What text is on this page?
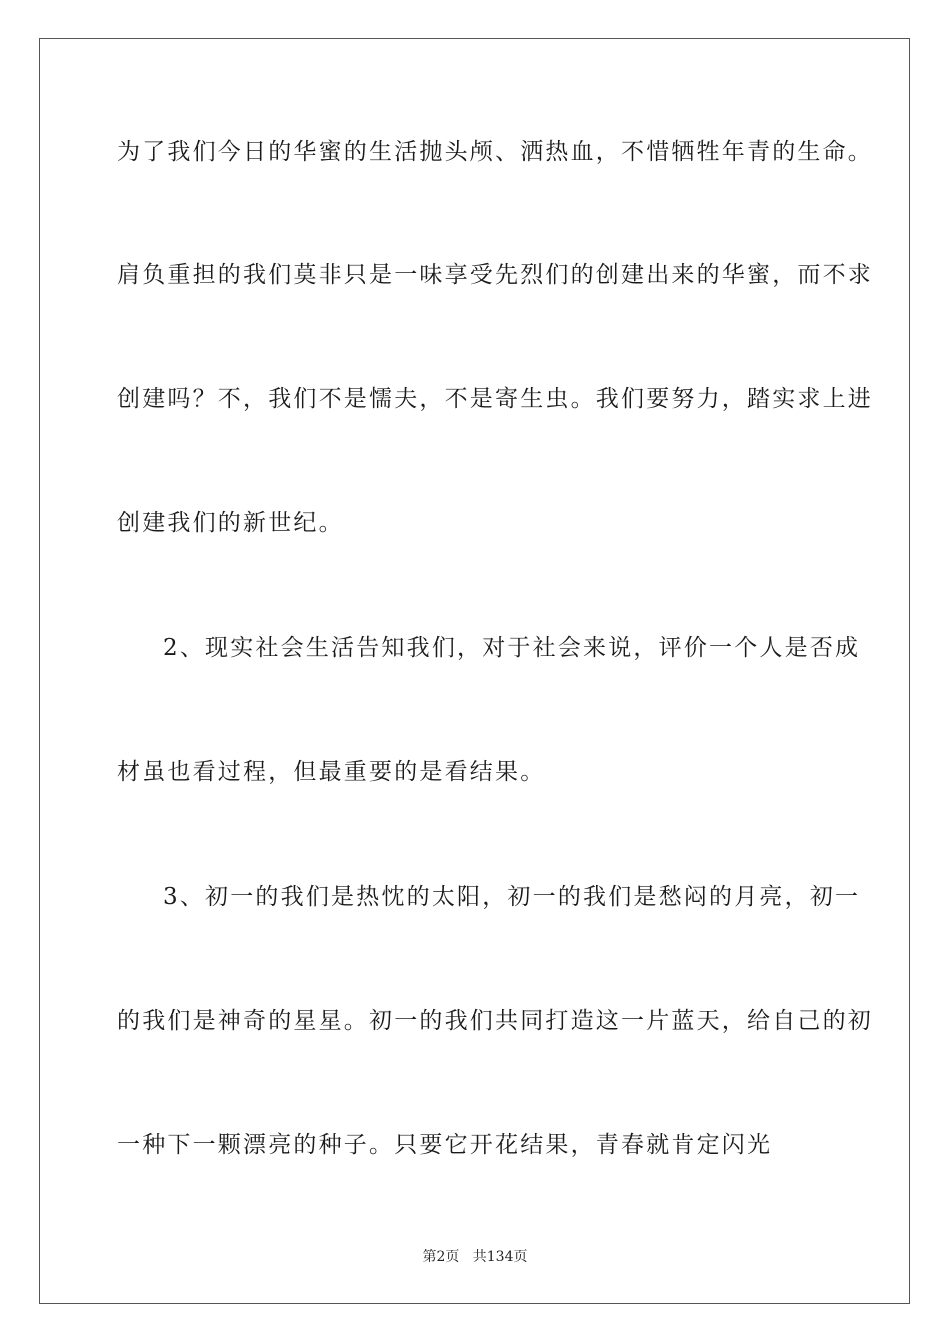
为了我们今日的华蜜的生活抛头颅、洒热血，不惜牺牲年青的生命。
肩负重担的我们莫非只是一味享受先烈们的创建出来的华蜜，而不求
创建吗？不，我们不是懦夫，不是寄生虫。我们要努力，踏实求上进
创建我们的新世纪。
2、现实社会生活告知我们，对于社会来说，评价一个人是否成
材虽也看过程，但最重要的是看结果。
3、初一的我们是热忱的太阳，初一的我们是愁闷的月亮，初一
的我们是神奇的星星。初一的我们共同打造这一片蓝天，给自己的初
一种下一颗漂亮的种子。只要它开花结果，青春就肯定闪光
第2页 共134页
